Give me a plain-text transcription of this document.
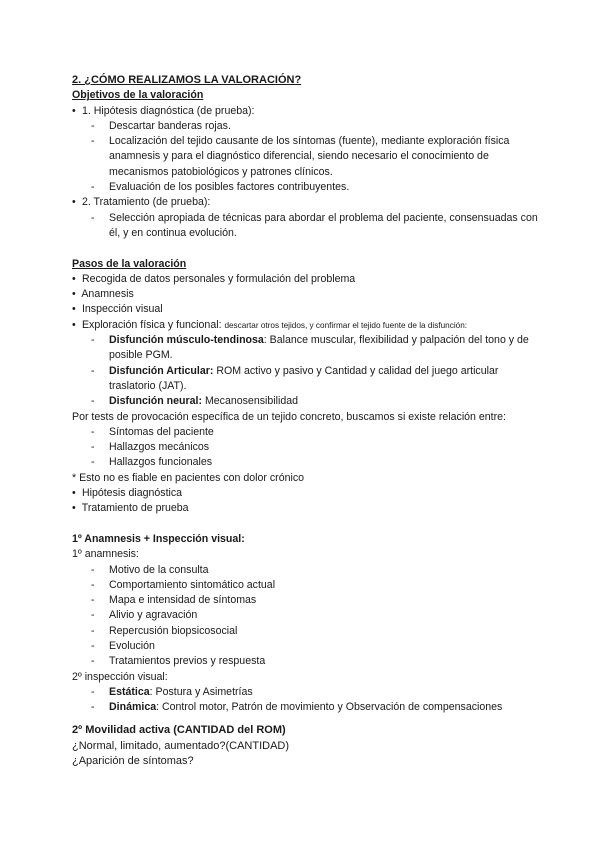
2. ¿CÓMO REALIZAMOS LA VALORACIÓN?
Objetivos de la valoración
• 1. Hipótesis diagnóstica (de prueba):
- Descartar banderas rojas.
- Localización del tejido causante de los síntomas (fuente), mediante exploración física anamnesis y para el diagnóstico diferencial, siendo necesario el conocimiento de mecanismos patobiológicos y patrones clínicos.
- Evaluación de los posibles factores contribuyentes.
• 2. Tratamiento (de prueba):
- Selección apropiada de técnicas para abordar el problema del paciente, consensuadas con él, y en continua evolución.
Pasos de la valoración
• Recogida de datos personales y formulación del problema
• Anamnesis
• Inspección visual
• Exploración física y funcional: descartar otros tejidos, y confirmar el tejido fuente de la disfunción:
- Disfunción músculo-tendinosa: Balance muscular, flexibilidad y palpación del tono y de posible PGM.
- Disfunción Articular: ROM activo y pasivo y Cantidad y calidad del juego articular traslatorio (JAT).
- Disfunción neural: Mecanosensibilidad
Por tests de provocación específica de un tejido concreto, buscamos si existe relación entre:
- Síntomas del paciente
- Hallazgos mecánicos
- Hallazgos funcionales
* Esto no es fiable en pacientes con dolor crónico
• Hipótesis diagnóstica
• Tratamiento de prueba
1º Anamnesis + Inspección visual:
1º anamnesis:
- Motivo de la consulta
- Comportamiento sintomático actual
- Mapa e intensidad de síntomas
- Alivio y agravación
- Repercusión biopsicosocial
- Evolución
- Tratamientos previos y respuesta
2º inspección visual:
- Estática: Postura y Asimetrías
- Dinámica: Control motor, Patrón de movimiento y Observación de compensaciones
2º Movilidad activa (CANTIDAD del ROM)
¿Normal, limitado, aumentado?(CANTIDAD)
¿Aparición de síntomas?
